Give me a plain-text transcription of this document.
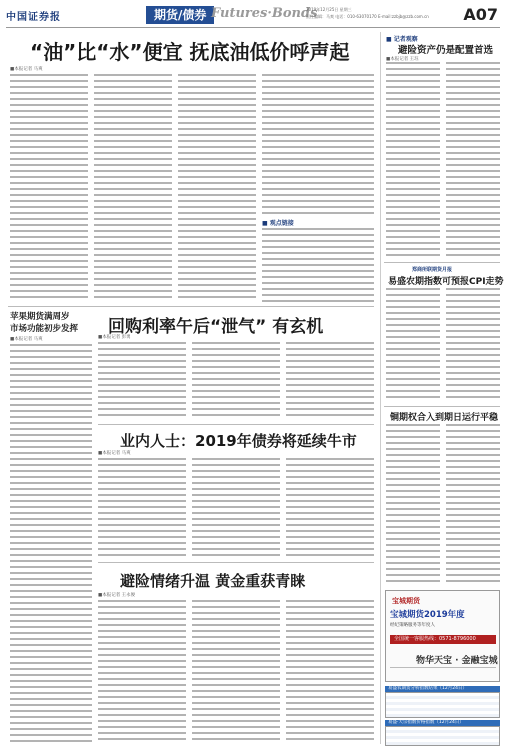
中国证券报	期货/债券 Futures·Bonds
2019年12月25日 星期三
责任编辑：马爽 电话：010-63070170 E-mail:zzbjb@zzb.com.cn A07
“油”比“水”便宜 抚底油低价呼声起
■本报记者 马爽
■ 观点链接
苹果期货满周岁
市场功能初步发挥
■本报记者 马爽
回购利率午后“泄气” 有玄机
■本报记者 彭勇
业内人士：2019年债券将延续牛市
■本报记者 马爽
避险情绪升温 黄金重获青睐
■本报记者 王永俊
■ 记者观察
避险资产仍是配置首选
■本报记者 王珏
郑商所联期货月报
易盛农期指数可预报CPI走势
铜期权合入到期日运行平稳
宝城期货
宝城期货2019年度
经纪策略服务等年度人
全国统一客服热线：0571-8796000
物华天宝 · 金融宝城
易盛农期货分析指数结果（12月24日）
易盛·大宗指数价格指数（12月24日）
